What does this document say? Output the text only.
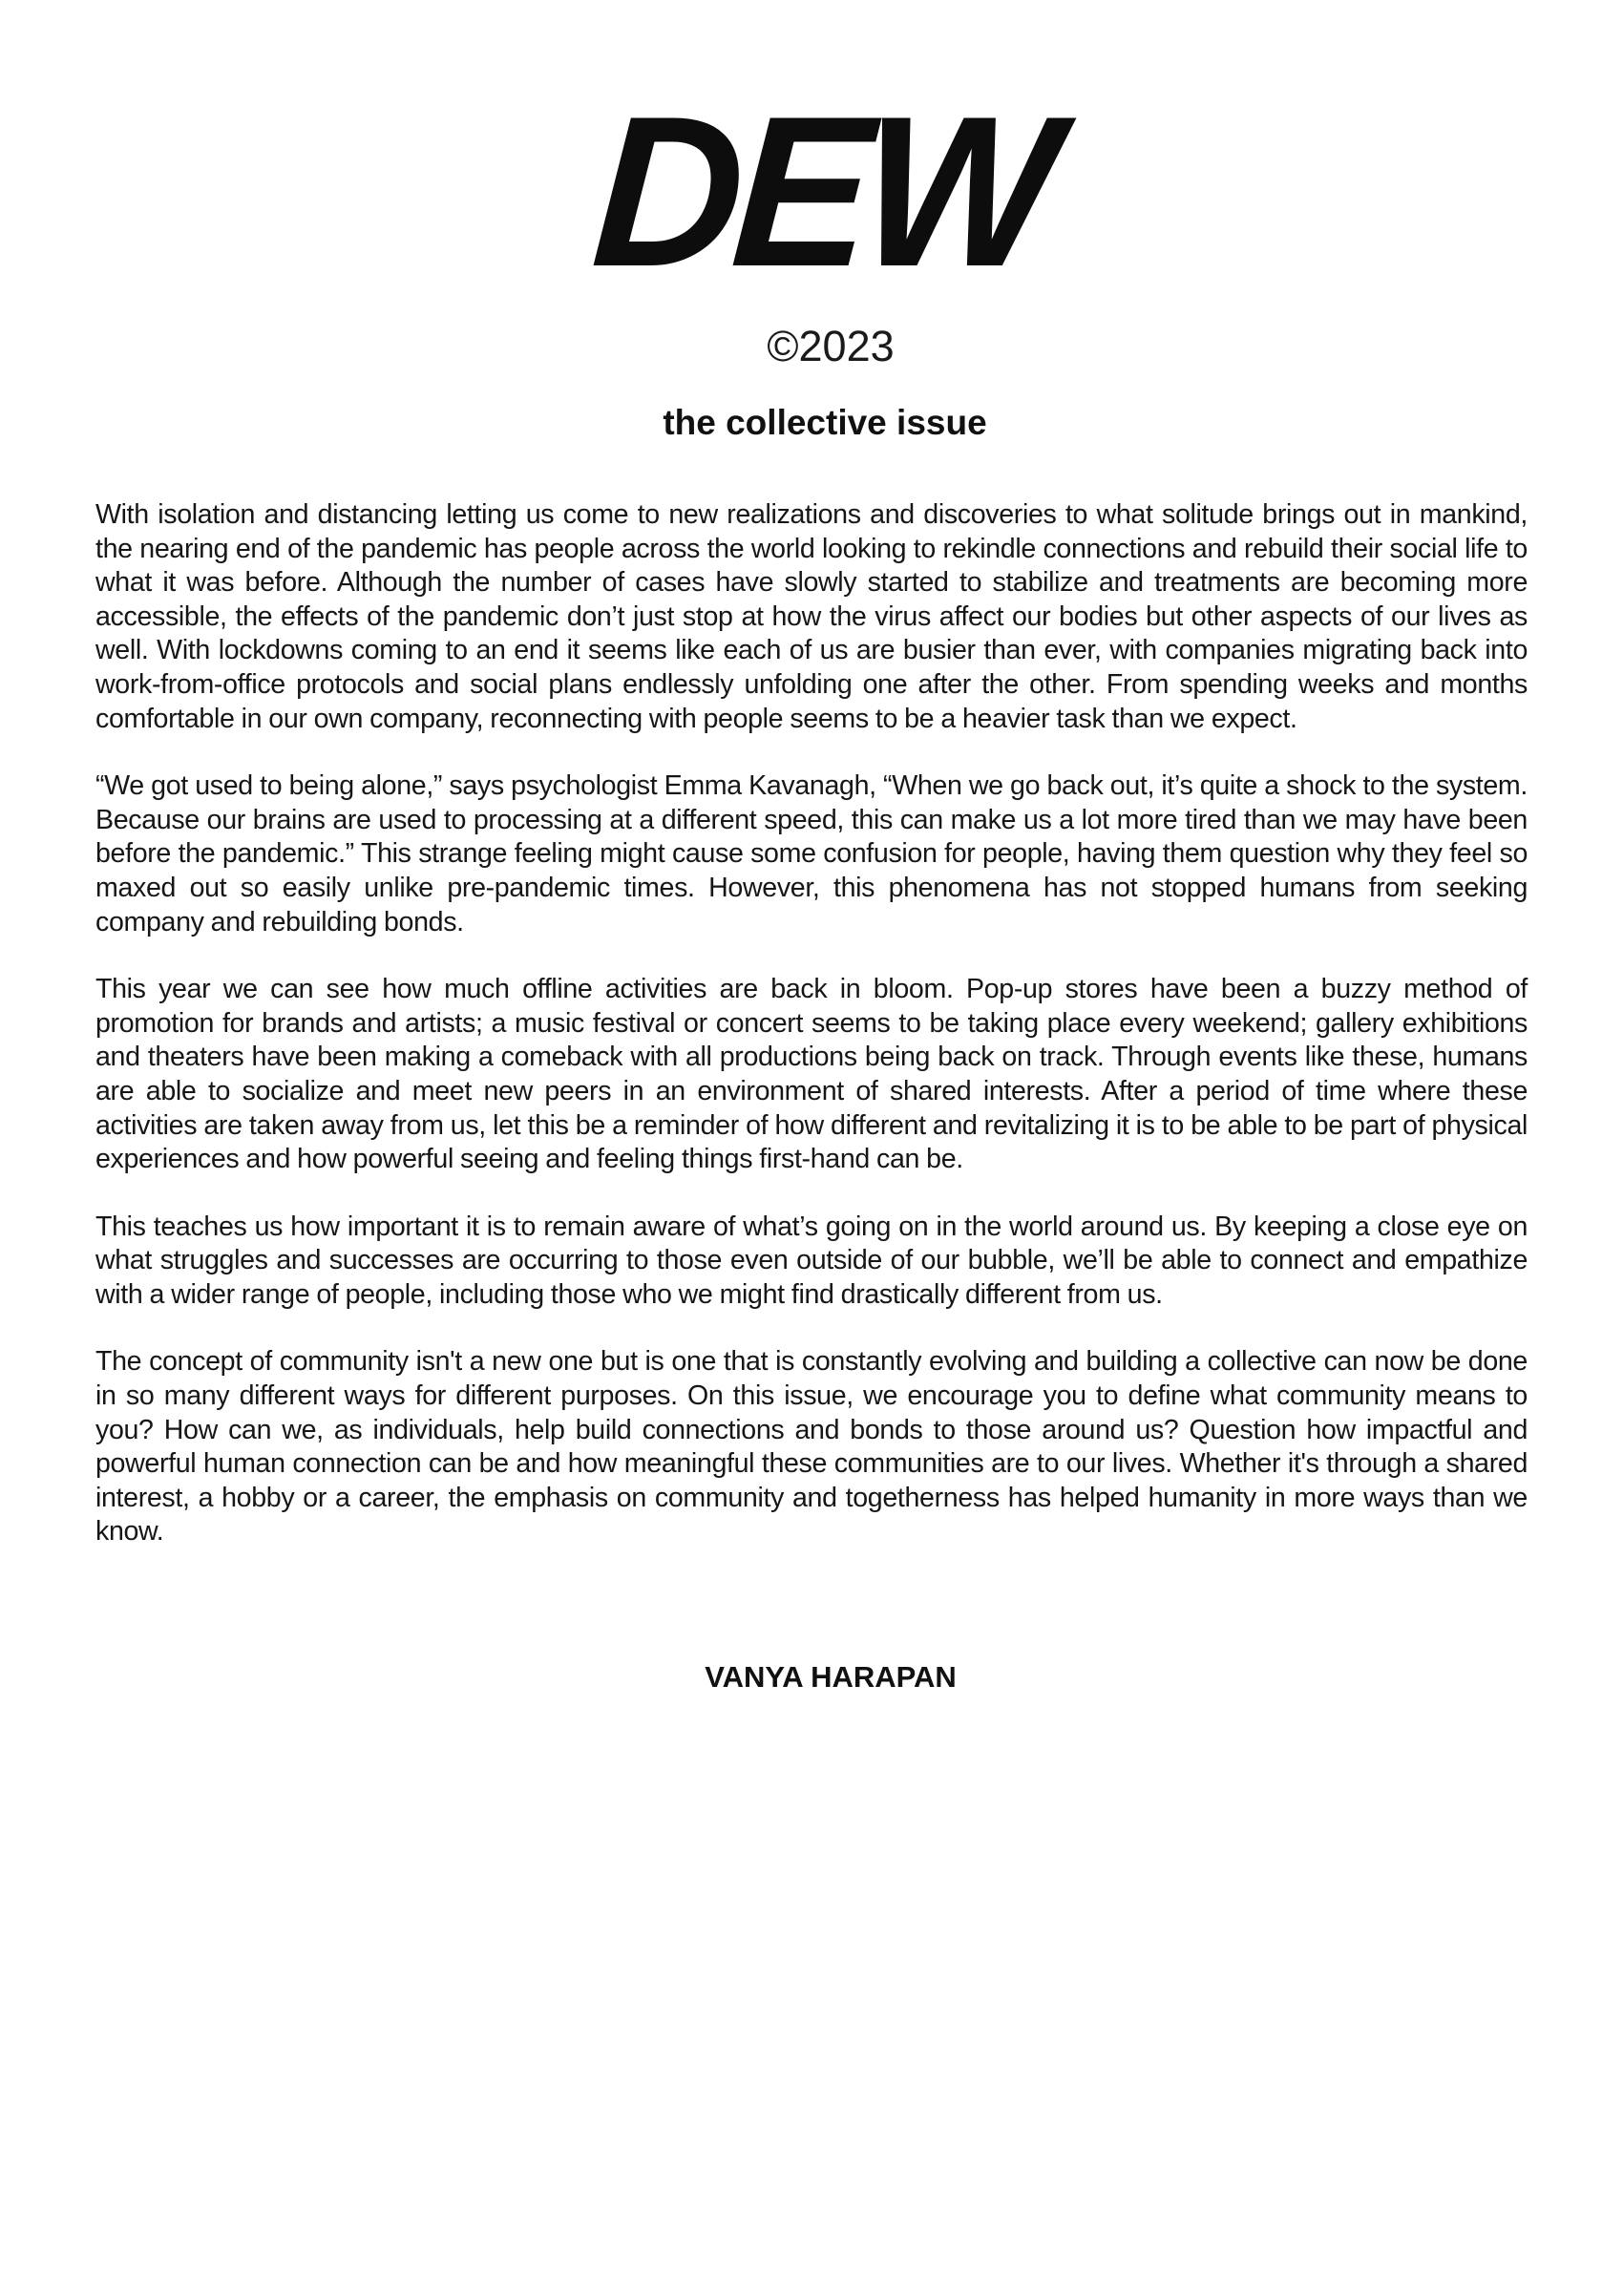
DEW
©2023
the collective issue

With isolation and distancing letting us come to new realizations and discoveries to what solitude brings out in mankind, the nearing end of the pandemic has people across the world looking to rekindle connections and rebuild their social life to what it was before. Although the number of cases have slowly started to stabilize and treatments are becoming more accessible, the effects of the pandemic don’t just stop at how the virus affect our bodies but other aspects of our lives as well. With lockdowns coming to an end it seems like each of us are busier than ever, with companies migrating back into work-from-office protocols and social plans endlessly unfolding one after the other. From spending weeks and months comfortable in our own company, reconnecting with people seems to be a heavier task than we expect.

“We got used to being alone,” says psychologist Emma Kavanagh, “When we go back out, it’s quite a shock to the system. Because our brains are used to processing at a different speed, this can make us a lot more tired than we may have been before the pandemic.” This strange feeling might cause some confusion for people, having them question why they feel so maxed out so easily unlike pre-pandemic times. However, this phenomena has not stopped humans from seeking company and rebuilding bonds.

This year we can see how much offline activities are back in bloom. Pop-up stores have been a buzzy method of promotion for brands and artists; a music festival or concert seems to be taking place every weekend; gallery exhibitions and theaters have been making a comeback with all productions being back on track. Through events like these, humans are able to socialize and meet new peers in an environment of shared interests. After a period of time where these activities are taken away from us, let this be a reminder of how different and revitalizing it is to be able to be part of physical experiences and how powerful seeing and feeling things first-hand can be.

This teaches us how important it is to remain aware of what’s going on in the world around us. By keeping a close eye on what struggles and successes are occurring to those even outside of our bubble, we’ll be able to connect and empathize with a wider range of people, including those who we might find drastically different from us.

The concept of community isn't a new one but is one that is constantly evolving and building a collective can now be done in so many different ways for different purposes. On this issue, we encourage you to define what community means to you? How can we, as individuals, help build connections and bonds to those around us? Question how impactful and powerful human connection can be and how meaningful these communities are to our lives. Whether it's through a shared interest, a hobby or a career, the emphasis on community and togetherness has helped humanity in more ways than we know.

VANYA HARAPAN
